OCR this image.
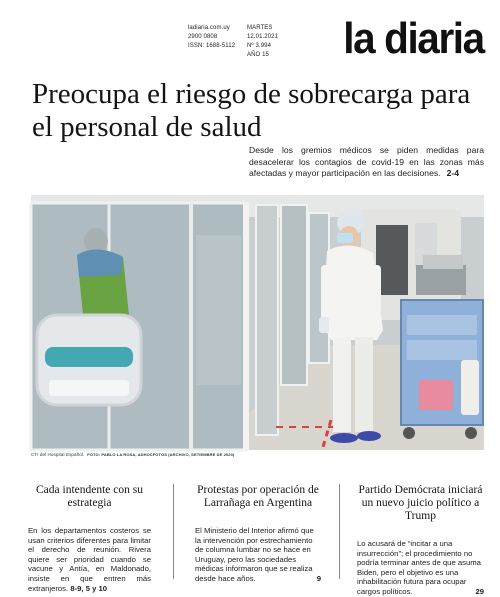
ladiaria.com.uy
2900 0808
ISSN: 1688-5112
MARTES
12.01.2021
Nº 3.994
AÑO 15 la diaria
Preocupa el riesgo de sobrecarga para el personal de salud
Desde los gremios médicos se piden medidas para desacelerar los contagios de covid-19 en las zonas más afectadas y mayor participación en las decisiones. 2-4
CTI del Hospital Español. FOTO: PABLO LA ROSA, ADHOCFOTOS (ARCHIVO, SETIEMBRE DE 2020)
Cada intendente con su estrategia

En los departamentos costeros se usan criterios diferentes para limitar el derecho de reunión. Rivera quiere ser prioridad cuando se vacune y Antía, en Maldonado, insiste en que entren más extranjeros. 8-9, 5 y 10

Protestas por operación de Larrañaga en Argentina

El Ministerio del Interior afirmó que la intervención por estrechamiento de columna lumbar no se hace en Uruguay, pero las sociedades médicas informaron que se realiza desde hace años.	9

Partido Demócrata iniciará un nuevo juicio político a Trump

Lo acusará de “incitar a una insurrección”; el procedimiento no podría terminar antes de que asuma Biden, pero el objetivo es una inhabilitación futura para ocupar cargos políticos.	29
